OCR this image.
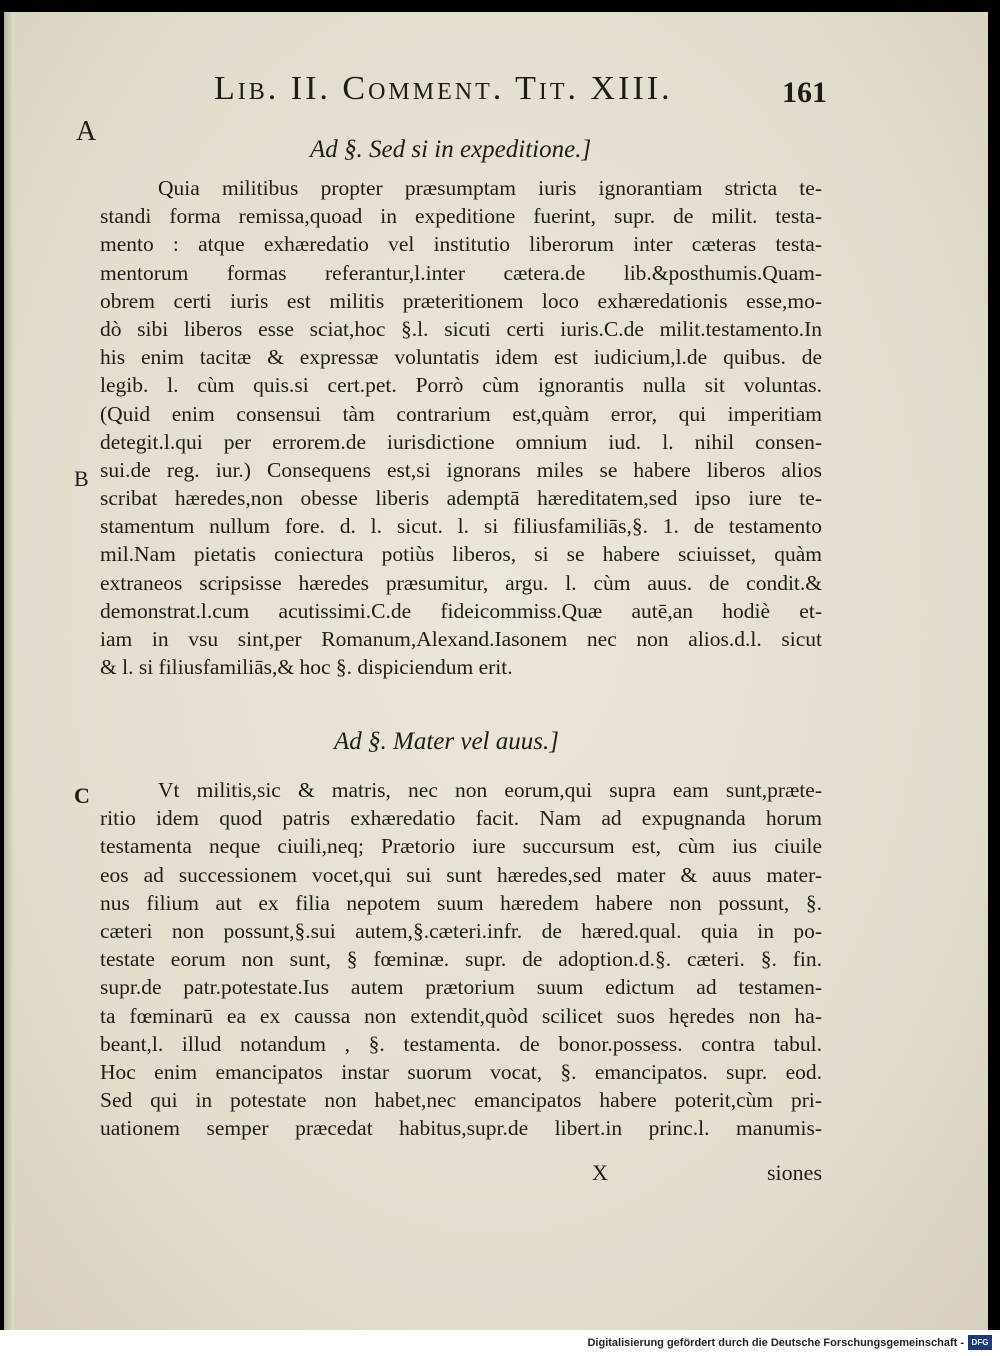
Lib. II. Comment. Tit. XIII.	161
A
B
C
Ad §. Sed si in expeditione.]
Quia militibus propter præsumptam iuris ignorantiam stricta te-
standi forma remissa,quoad in expeditione fuerint, supr. de milit. testa-
mento : atque exhæredatio vel institutio liberorum inter cæteras testa-
mentorum formas referantur,l.inter cætera.de lib.&posthumis.Quam-
obrem certi iuris est militis præteritionem loco exhæredationis esse,mo-
dò sibi liberos esse sciat,hoc §.l. sicuti certi iuris.C.de milit.testamento.In
his enim tacitæ & expressæ voluntatis idem est iudicium,l.de quibus. de
legib. l. cùm quis.si cert.pet. Porrò cùm ignorantis nulla sit voluntas.
(Quid enim consensui tàm contrarium est,quàm error, qui imperitiam
detegit.l.qui per errorem.de iurisdictione omnium iud. l. nihil consen-
sui.de reg. iur.) Consequens est,si ignorans miles se habere liberos alios
scribat hæredes,non obesse liberis ademptā hæreditatem,sed ipso iure te-
stamentum nullum fore. d. l. sicut. l. si filiusfamiliās,§. 1. de testamento
mil.Nam pietatis coniectura potiùs liberos, si se habere sciuisset, quàm
extraneos scripsisse hæredes præsumitur, argu. l. cùm auus. de condit.&
demonstrat.l.cum acutissimi.C.de fideicommiss.Quæ autē,an hodiè et-
iam in vsu sint,per Romanum,Alexand.Iasonem nec non alios.d.l. sicut
& l. si filiusfamiliās,& hoc §. dispiciendum erit.
Ad §. Mater vel auus.]
Vt militis,sic & matris, nec non eorum,qui supra eam sunt,præte-
ritio idem quod patris exhæredatio facit. Nam ad expugnanda horum
testamenta neque ciuili,neq; Prætorio iure succursum est, cùm ius ciuile
eos ad successionem vocet,qui sui sunt hæredes,sed mater & auus mater-
nus filium aut ex filia nepotem suum hæredem habere non possunt, §.
cæteri non possunt,§.sui autem,§.cæteri.infr. de hæred.qual. quia in po-
testate eorum non sunt, § fœminæ. supr. de adoption.d.§. cæteri. §. fin.
supr.de patr.potestate.Ius autem prætorium suum edictum ad testamen-
ta fœminarū ea ex caussa non extendit,quòd scilicet suos hęredes non ha-
beant,l. illud notandum , §. testamenta. de bonor.possess. contra tabul.
Hoc enim emancipatos instar suorum vocat, §. emancipatos. supr. eod.
Sed qui in potestate non habet,nec emancipatos habere poterit,cùm pri-
uationem semper præcedat habitus,supr.de libert.in princ.l. manumis-
X	siones
Digitalisierung gefördert durch die Deutsche Forschungsgemeinschaft - DFG
